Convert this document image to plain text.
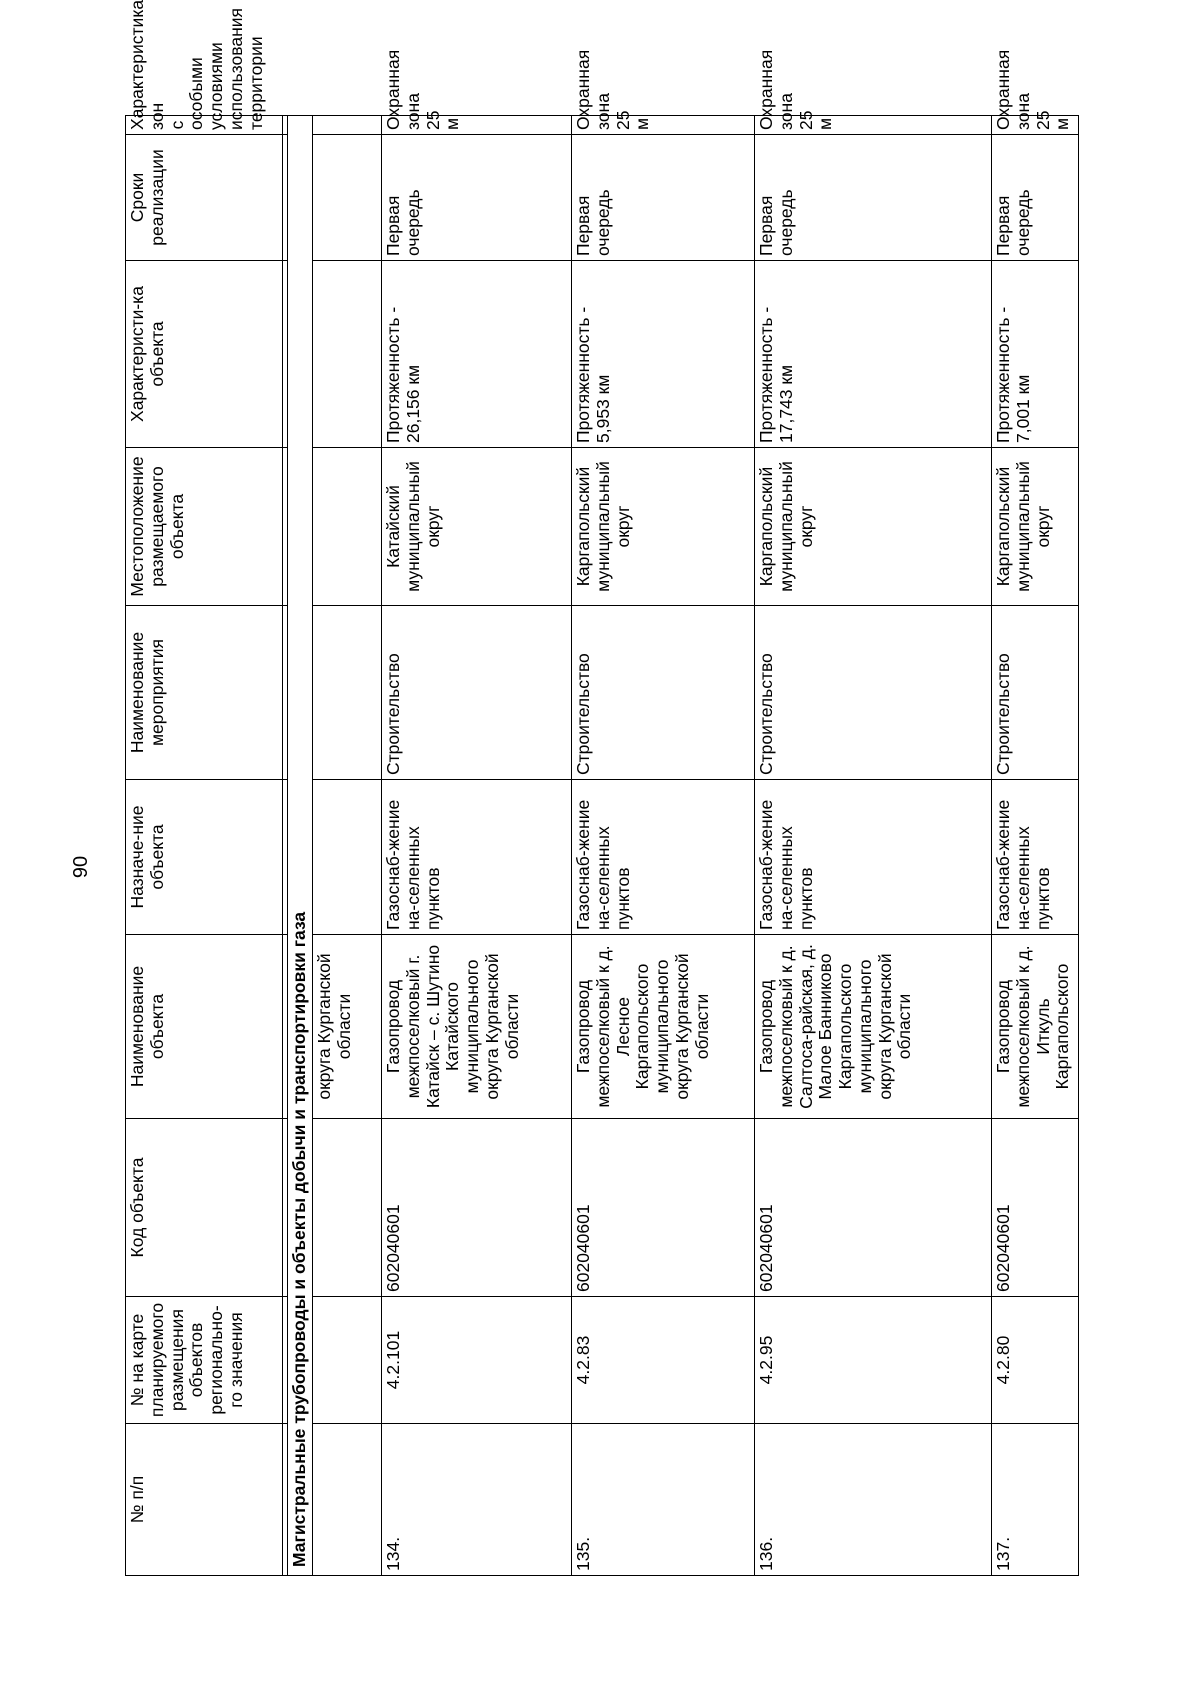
90
№ п/п	№ на карте планируемого размещения объектов регионально-го значения	Код объекта	Наименование объекта	Назначе-ние объекта	Наименование мероприятия	Местоположение размещаемого объекта	Характеристи-ка объекта	Сроки реализации	Характеристика зон с особыми условиями использования территории

Магистральные трубопроводы и объекты добычи и транспортировки газа									
			округа Курганской области						
134.	4.2.101	602040601	Газопровод межпоселковый г. Катайск – с. Шутино Катайского муниципального округа Курганской области	Газоснаб-жение на-селенных пунктов	Строительство	Катайский муниципальный округ	Протяженность - 26,156 км	Первая очередь	Охранная зона 25 м
135.	4.2.83	602040601	Газопровод межпоселковый к д. Лесное Каргапольского муниципального округа Курганской области	Газоснаб-жение на-селенных пунктов	Строительство	Каргапольский муниципальный округ	Протяженность - 5,953 км	Первая очередь	Охранная зона 25 м
136.	4.2.95	602040601	Газопровод межпоселковый к д. Салтоса-райская, д. Малое Банниково Каргапольского муниципального округа Курганской области	Газоснаб-жение на-селенных пунктов	Строительство	Каргапольский муниципальный округ	Протяженность - 17,743 км	Первая очередь	Охранная зона 25 м
137.	4.2.80	602040601	Газопровод межпоселковый к д. Иткуль Каргапольского	Газоснаб-жение на-селенных пунктов	Строительство	Каргапольский муниципальный округ	Протяженность - 7,001 км	Первая очередь	Охранная зона 25 м
